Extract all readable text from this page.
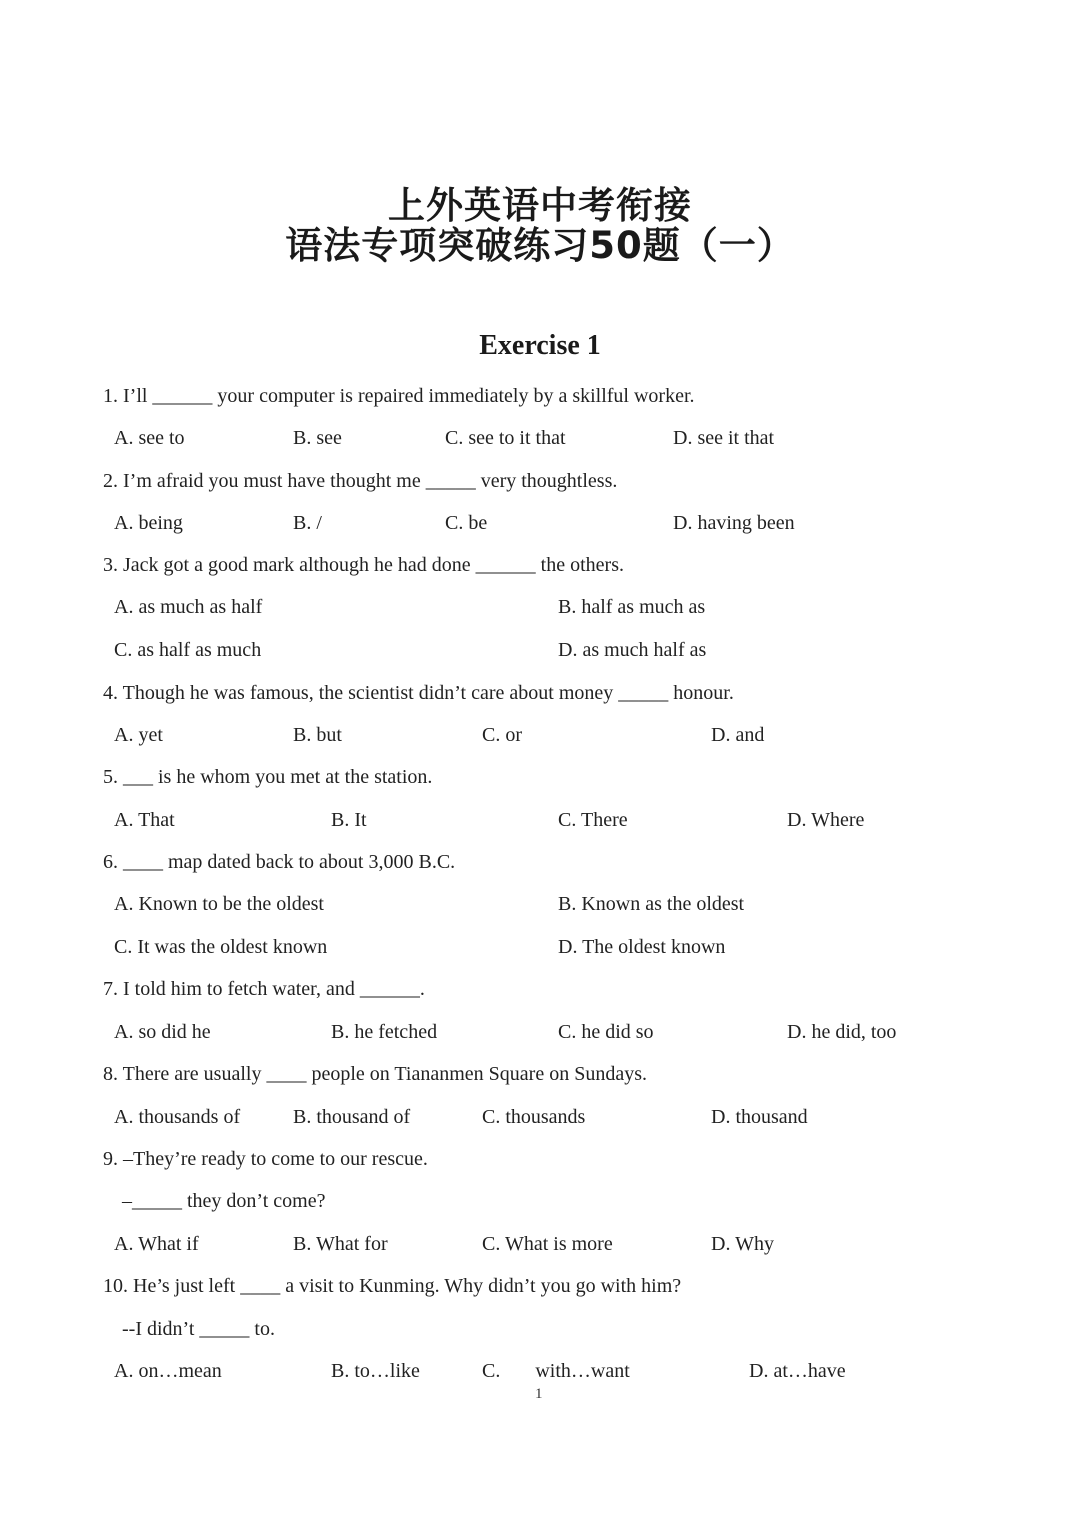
上外英语中考衔接
语法专项突破练习50题（一）
Exercise 1
1. I’ll ______ your computer is repaired immediately by a skillful worker.
A. see to	B. see	C. see to it that	D. see it that
2. I’m afraid you must have thought me _____ very thoughtless.
A. being	B. /	C. be	D. having been
3. Jack got a good mark although he had done ______ the others.
A. as much as half	B. half as much as
C. as half as much	D. as much half as
4. Though he was famous, the scientist didn’t care about money _____ honour.
A. yet	B. but	C. or	D. and
5. ___ is he whom you met at the station.
A. That	B. It	C. There	D. Where
6. ____ map dated back to about 3,000 B.C.
A. Known to be the oldest	B. Known as the oldest
C. It was the oldest known	D. The oldest known
7. I told him to fetch water, and ______.
A. so did he	B. he fetched	C. he did so	D. he did, too
8. There are usually ____ people on Tiananmen Square on Sundays.
A. thousands of	B. thousand of	C. thousands	D. thousand
9. –They’re ready to come to our rescue.
–_____ they don’t come?
A. What if	B. What for	C. What is more	D. Why
10. He’s just left ____ a visit to Kunming. Why didn’t you go with him?
--I didn’t _____ to.
A. on…mean	B. to…like	C.       with…want	D. at…have
1
